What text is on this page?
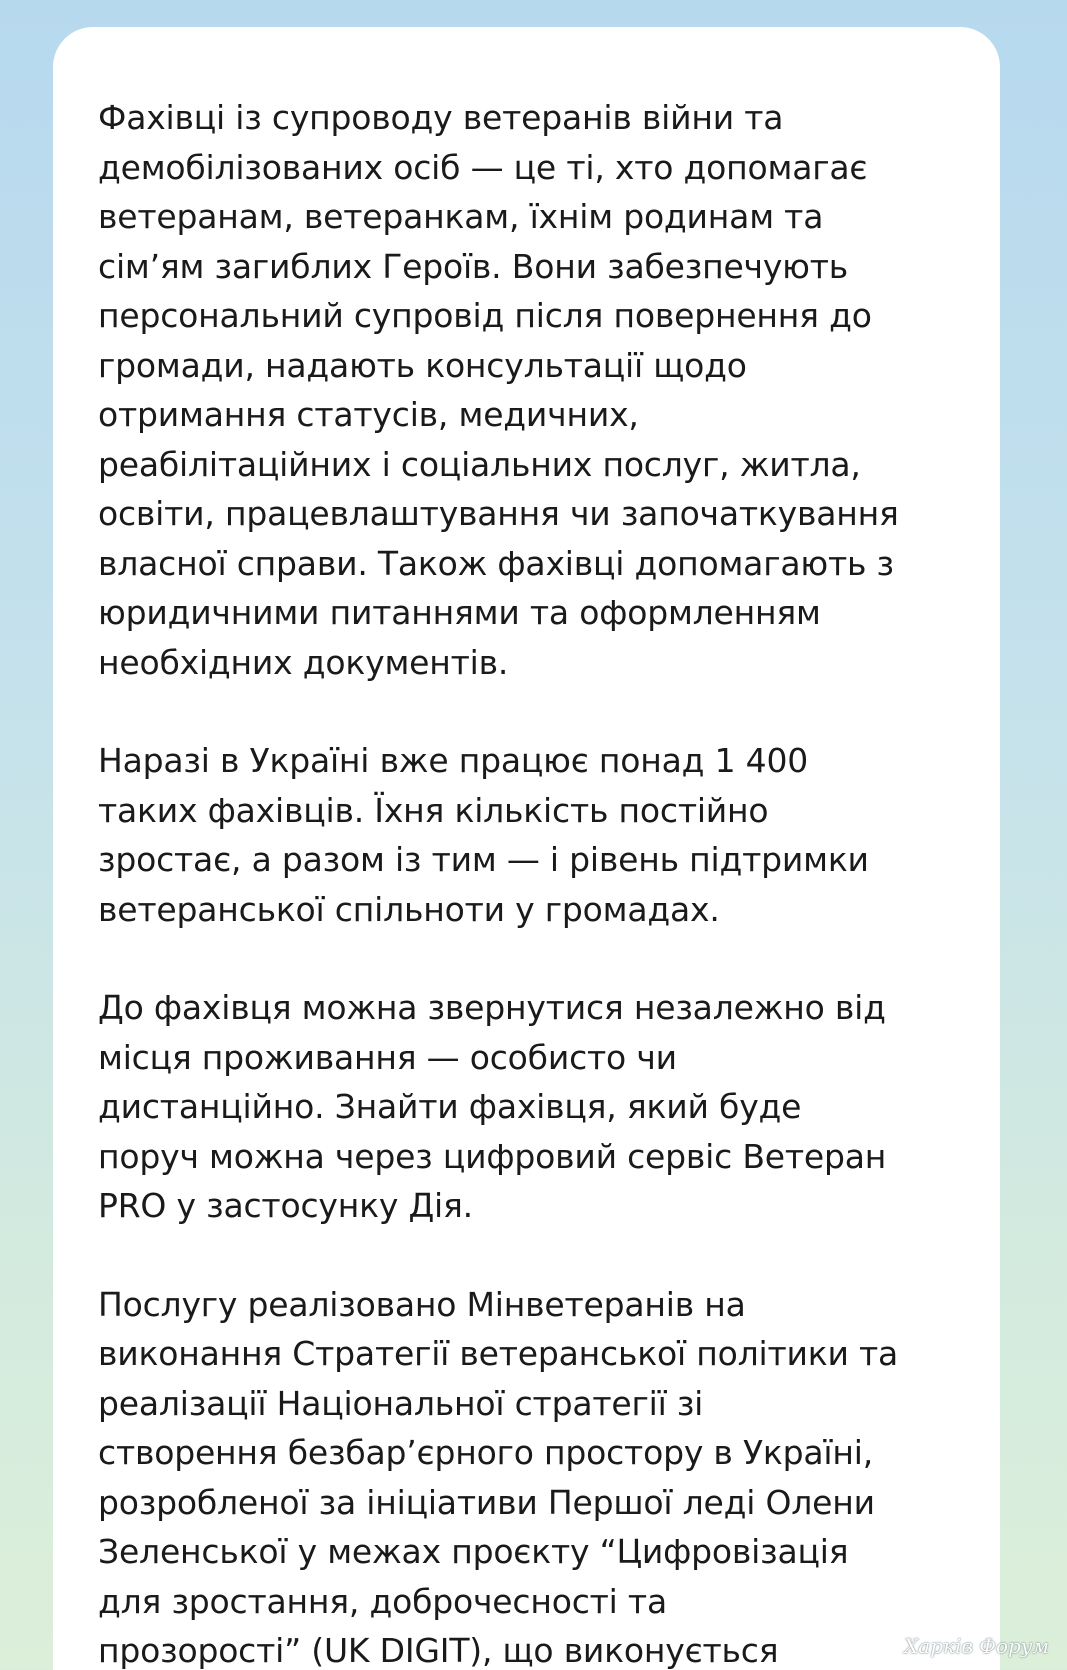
Фахівці із супроводу ветеранів війни та
демобілізованих осіб — це ті, хто допомагає
ветеранам, ветеранкам, їхнім родинам та
сім’ям загиблих Героїв. Вони забезпечують
персональний супровід після повернення до
громади, надають консультації щодо
отримання статусів, медичних,
реабілітаційних і соціальних послуг, житла,
освіти, працевлаштування чи започаткування
власної справи. Також фахівці допомагають з
юридичними питаннями та оформленням
необхідних документів.

Наразі в Україні вже працює понад 1 400
таких фахівців. Їхня кількість постійно
зростає, а разом із тим — і рівень підтримки
ветеранської спільноти у громадах.

До фахівця можна звернутися незалежно від
місця проживання — особисто чи
дистанційно. Знайти фахівця, який буде
поруч можна через цифровий сервіс Ветеран
PRO у застосунку Дія.

Послугу реалізовано Мінветеранів на
виконання Стратегії ветеранської політики та
реалізації Національної стратегії зі
створення безбар’єрного простору в Україні,
розробленої за ініціативи Першої леді Олени
Зеленської у межах проєкту “Цифровізація
для зростання, доброчесності та
прозорості” (UK DIGIT), що виконується	Харків Форум
